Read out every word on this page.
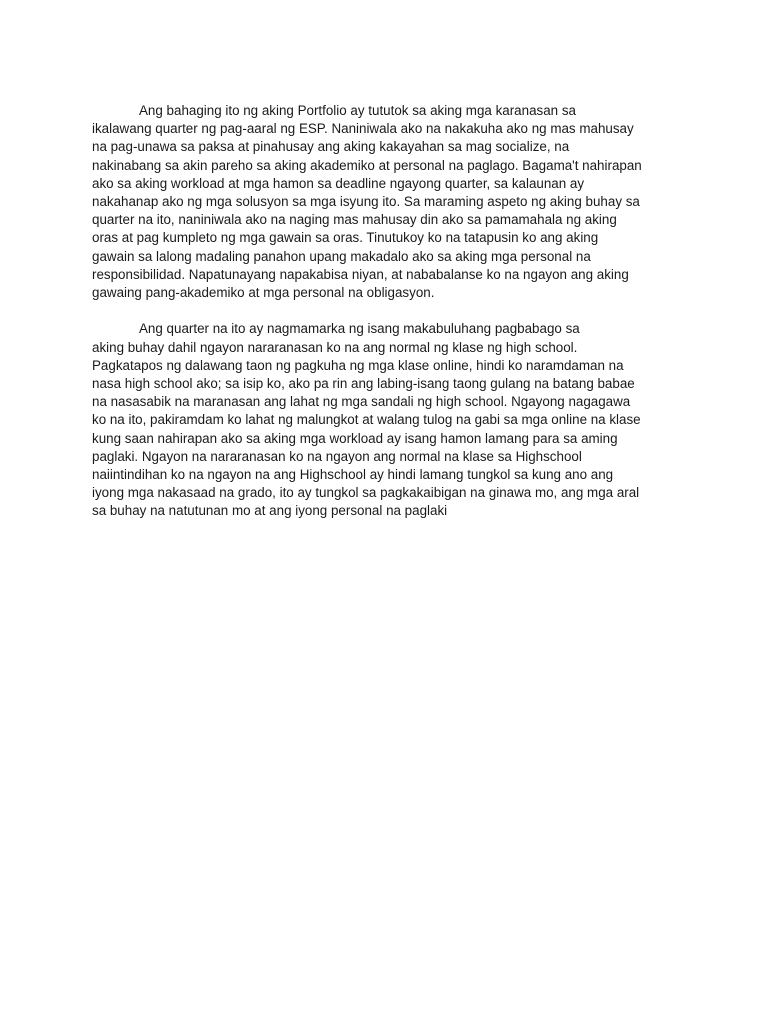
Ang bahaging ito ng aking Portfolio ay tututok sa aking mga karanasan sa
ikalawang quarter ng pag-aaral ng ESP. Naniniwala ako na nakakuha ako ng mas mahusay
na pag-unawa sa paksa at pinahusay ang aking kakayahan sa mag socialize, na
nakinabang sa akin pareho sa aking akademiko at personal na paglago. Bagama't nahirapan
ako sa aking workload at mga hamon sa deadline ngayong quarter, sa kalaunan ay
nakahanap ako ng mga solusyon sa mga isyung ito. Sa maraming aspeto ng aking buhay sa
quarter na ito, naniniwala ako na naging mas mahusay din ako sa pamamahala ng aking
oras at pag kumpleto ng mga gawain sa oras. Tinutukoy ko na tatapusin ko ang aking
gawain sa lalong madaling panahon upang makadalo ako sa aking mga personal na
responsibilidad. Napatunayang napakabisa niyan, at nababalanse ko na ngayon ang aking
gawaing pang-akademiko at mga personal na obligasyon.

Ang quarter na ito ay nagmamarka ng isang makabuluhang pagbabago sa
aking buhay dahil ngayon nararanasan ko na ang normal ng klase ng high school.
Pagkatapos ng dalawang taon ng pagkuha ng mga klase online, hindi ko naramdaman na
nasa high school ako; sa isip ko, ako pa rin ang labing-isang taong gulang na batang babae
na nasasabik na maranasan ang lahat ng mga sandali ng high school. Ngayong nagagawa
ko na ito, pakiramdam ko lahat ng malungkot at walang tulog na gabi sa mga online na klase
kung saan nahirapan ako sa aking mga workload ay isang hamon lamang para sa aming
paglaki. Ngayon na nararanasan ko na ngayon ang normal na klase sa Highschool
naiintindihan ko na ngayon na ang Highschool ay hindi lamang tungkol sa kung ano ang
iyong mga nakasaad na grado, ito ay tungkol sa pagkakaibigan na ginawa mo, ang mga aral
sa buhay na natutunan mo at ang iyong personal na paglaki
